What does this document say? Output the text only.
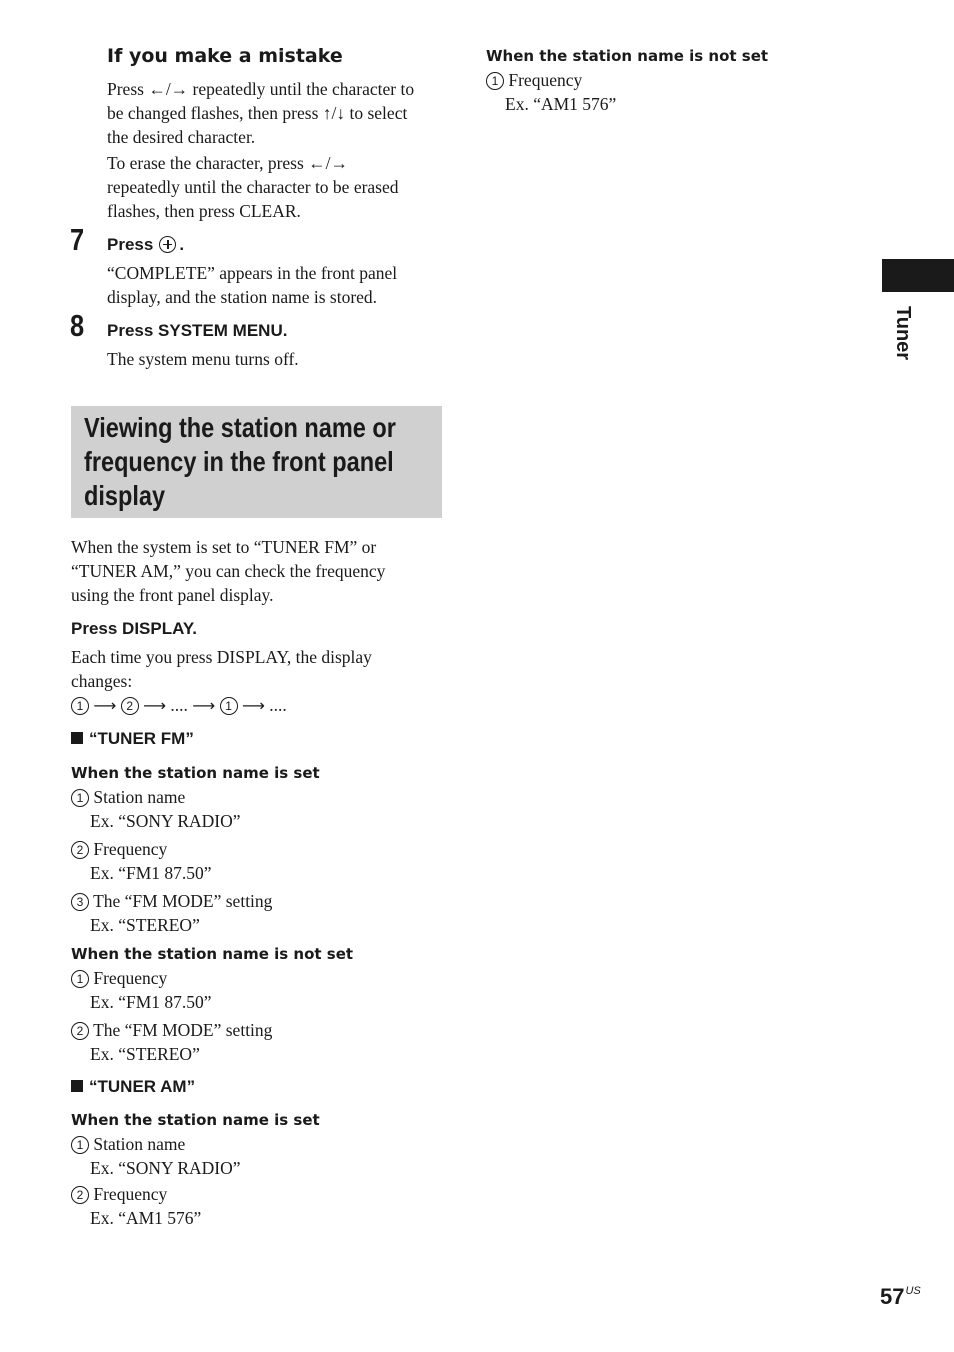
If you make a mistake
Press ←/→ repeatedly until the character to
be changed flashes, then press ↑/↓ to select
the desired character.
To erase the character, press ←/→
repeatedly until the character to be erased
flashes, then press CLEAR.
7 Press .
“COMPLETE” appears in the front panel
display, and the station name is stored.
8 Press SYSTEM MENU.
The system menu turns off.
Viewing the station name or
frequency in the front panel
display
When the system is set to “TUNER FM” or
“TUNER AM,” you can check the frequency
using the front panel display.
Press DISPLAY.
Each time you press DISPLAY, the display
changes:
1 ⟶ 2 ⟶ .... ⟶ 1 ⟶ ....
“TUNER FM”
When the station name is set
1 Station name
Ex. “SONY RADIO”
2 Frequency
Ex. “FM1 87.50”
3 The “FM MODE” setting
Ex. “STEREO”
When the station name is not set
1 Frequency
Ex. “FM1 87.50”
2 The “FM MODE” setting
Ex. “STEREO”
“TUNER AM”
When the station name is set
1 Station name
Ex. “SONY RADIO”
2 Frequency
Ex. “AM1 576”
When the station name is not set
1 Frequency
Ex. “AM1 576”
Tuner
$57^{US}$
